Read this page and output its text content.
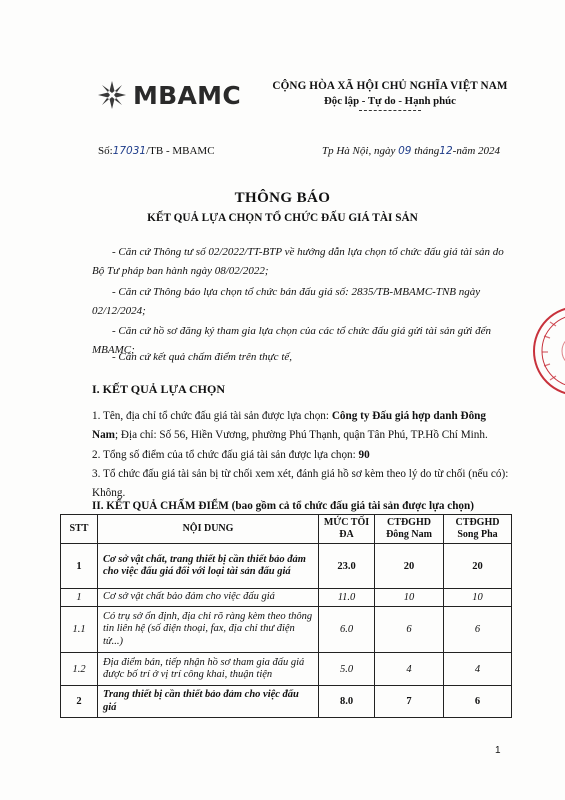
MBAMC	CỘNG HÒA XÃ HỘI CHỦ NGHĨA VIỆT NAM
Độc lập - Tự do - Hạnh phúc
Số:17031/TB - MBAMC	Tp Hà Nội, ngày 09 tháng12-năm 2024
THÔNG BÁO
KẾT QUẢ LỰA CHỌN TỔ CHỨC ĐẤU GIÁ TÀI SẢN

- Căn cứ Thông tư số 02/2022/TT-BTP về hướng dẫn lựa chọn tổ chức đấu giá tài sản do Bộ Tư pháp ban hành ngày 08/02/2022;

- Căn cứ Thông báo lựa chọn tổ chức bán đấu giá số: 2835/TB-MBAMC-TNB ngày 02/12/2024;

- Căn cứ hồ sơ đăng ký tham gia lựa chọn của các tổ chức đấu giá gửi tài sản gửi đến MBAMC;

- Căn cứ kết quả chấm điểm trên thực tế,

I. KẾT QUẢ LỰA CHỌN
1. Tên, địa chỉ tổ chức đấu giá tài sản được lựa chọn: Công ty Đấu giá hợp danh Đông Nam; Địa chỉ: Số 56, Hiền Vương, phường Phú Thạnh, quận Tân Phú, TP.Hồ Chí Minh.
2. Tổng số điểm của tổ chức đấu giá tài sản được lựa chọn: 90
3. Tổ chức đấu giá tài sản bị từ chối xem xét, đánh giá hồ sơ kèm theo lý do từ chối (nếu có): Không.
II. KẾT QUẢ CHẤM ĐIỂM (bao gồm cả tổ chức đấu giá tài sản được lựa chọn)
STT	NỘI DUNG	MỨC TỐI ĐA	CTĐGHD Đông Nam	CTĐGHD Song Pha
1	Cơ sở vật chất, trang thiết bị cần thiết bảo đảm cho việc đấu giá đối với loại tài sản đấu giá	23.0	20	20
1	Cơ sở vật chất bảo đảm cho việc đấu giá	11.0	10	10
1.1	Có trụ sở ổn định, địa chỉ rõ ràng kèm theo thông tin liên hệ (số điện thoại, fax, địa chỉ thư điện tử...)	6.0	6	6
1.2	Địa điểm bán, tiếp nhận hồ sơ tham gia đấu giá được bố trí ở vị trí công khai, thuận tiện	5.0	4	4
2	Trang thiết bị cần thiết bảo đảm cho việc đấu giá	8.0	7	6
1
